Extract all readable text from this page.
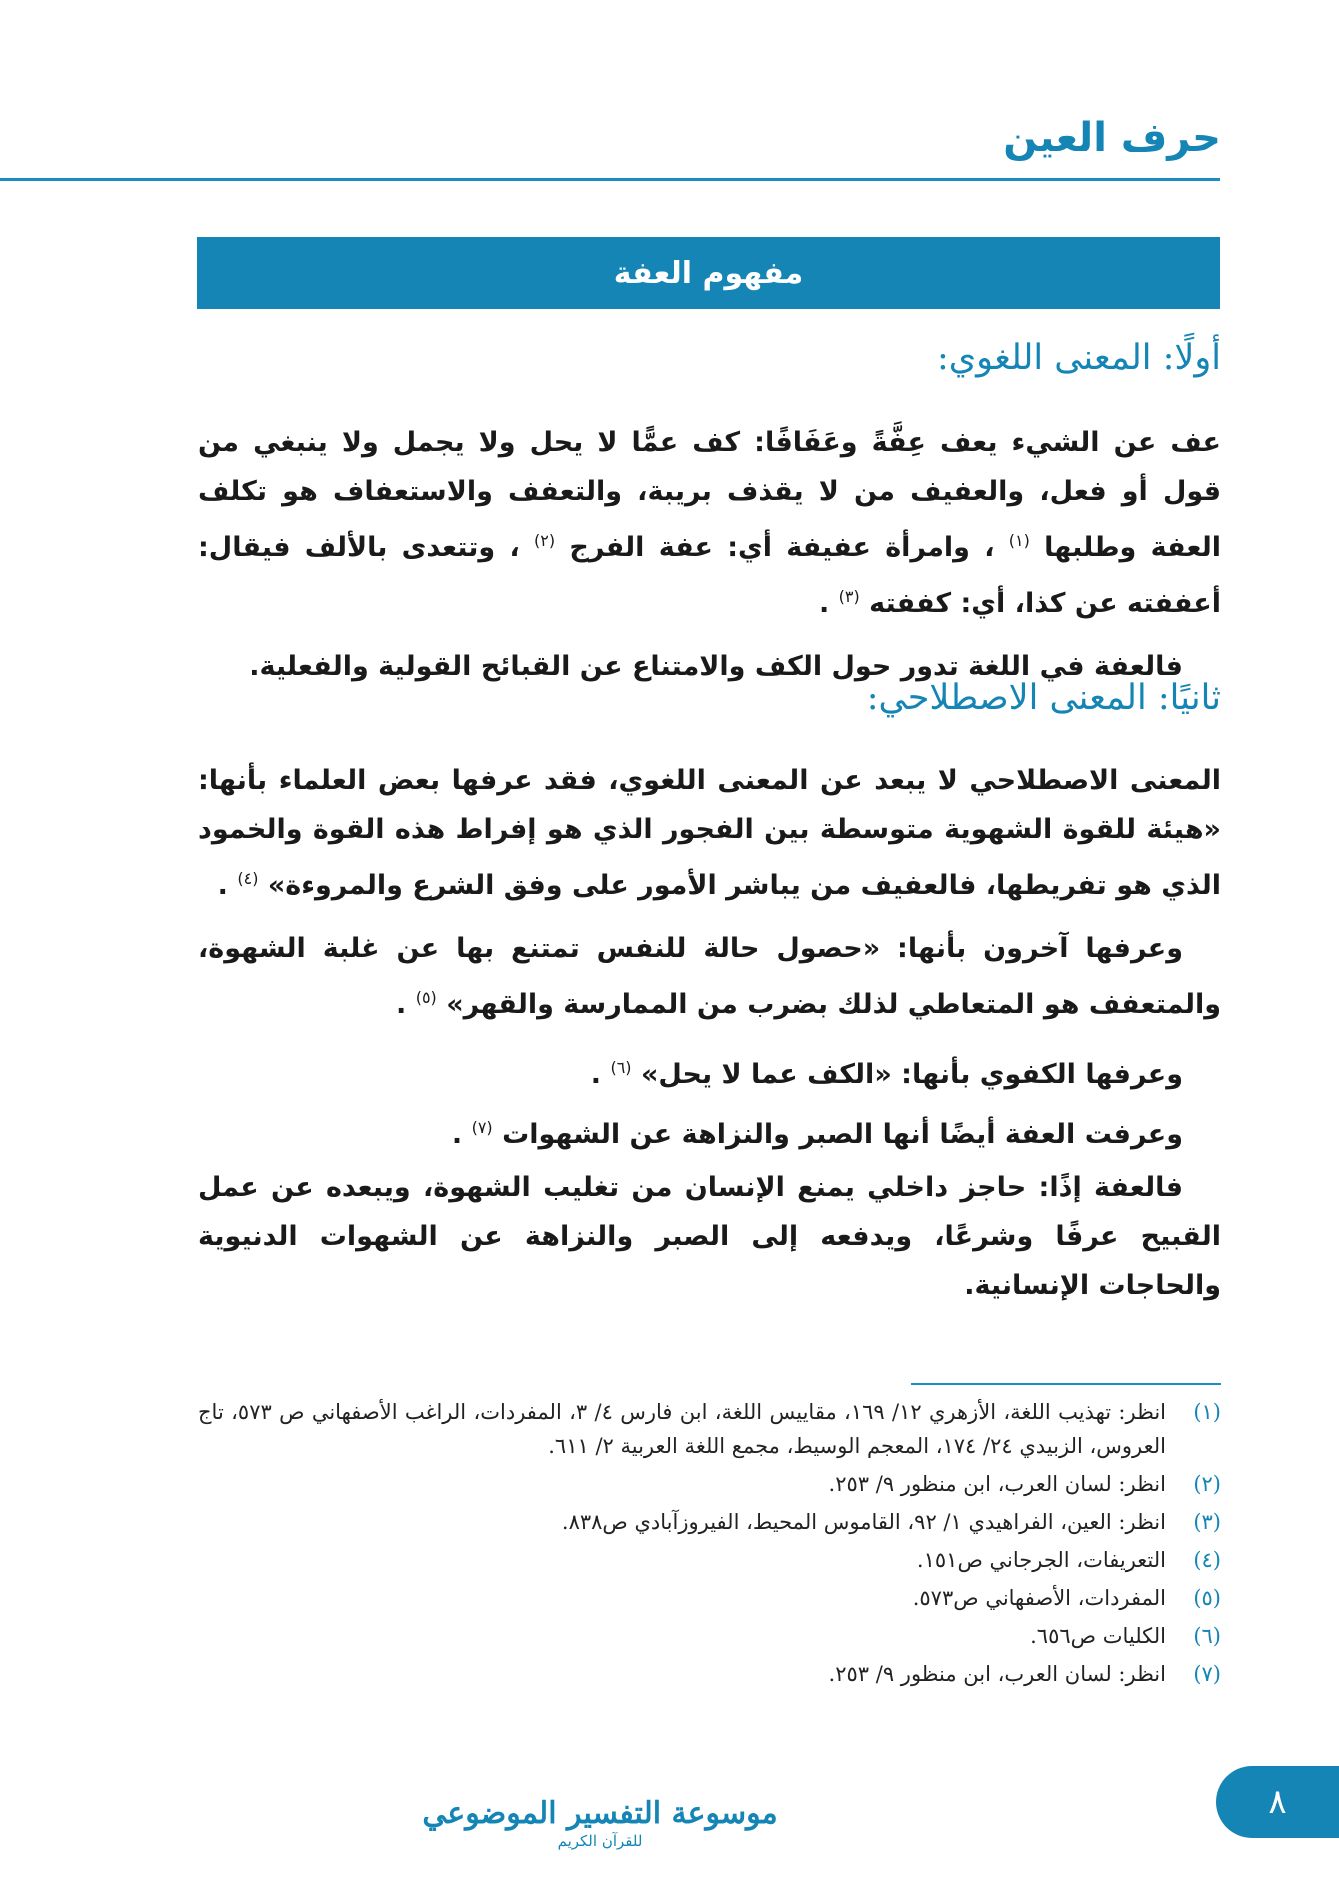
حرف العين
مفهوم العفة
أولًا: المعنى اللغوي:

عف عن الشيء يعف عِفَّةً وعَفَافًا: كف عمًّا لا يحل ولا يجمل ولا ينبغي من قول أو فعل، والعفيف من لا يقذف بريبة، والتعفف والاستعفاف هو تكلف العفة وطلبها $^{(١)}$ ، وامرأة عفيفة أي: عفة الفرج $^{(٢)}$ ، وتتعدى بالألف فيقال: أعففته عن كذا، أي: كففته $^{(٣)}$ .

فالعفة في اللغة تدور حول الكف والامتناع عن القبائح القولية والفعلية.

ثانيًا: المعنى الاصطلاحي:

المعنى الاصطلاحي لا يبعد عن المعنى اللغوي، فقد عرفها بعض العلماء بأنها: «هيئة للقوة الشهوية متوسطة بين الفجور الذي هو إفراط هذه القوة والخمود الذي هو تفريطها، فالعفيف من يباشر الأمور على وفق الشرع والمروءة» $^{(٤)}$ .

وعرفها آخرون بأنها: «حصول حالة للنفس تمتنع بها عن غلبة الشهوة، والمتعفف هو المتعاطي لذلك بضرب من الممارسة والقهر» $^{(٥)}$ .

وعرفها الكفوي بأنها: «الكف عما لا يحل» $^{(٦)}$ .

وعرفت العفة أيضًا أنها الصبر والنزاهة عن الشهوات $^{(٧)}$ .

فالعفة إذًا: حاجز داخلي يمنع الإنسان من تغليب الشهوة، ويبعده عن عمل القبيح عرفًا وشرعًا، ويدفعه إلى الصبر والنزاهة عن الشهوات الدنيوية والحاجات الإنسانية.

(١)
انظر: تهذيب اللغة، الأزهري ١٢/ ١٦٩، مقاييس اللغة، ابن فارس ٤/ ٣، المفردات، الراغب الأصفهاني ص ٥٧٣، تاج العروس، الزبيدي ٢٤/ ١٧٤، المعجم الوسيط، مجمع اللغة العربية ٢/ ٦١١.
(٢)
انظر: لسان العرب، ابن منظور ٩/ ٢٥٣.
(٣)
انظر: العين، الفراهيدي ١/ ٩٢، القاموس المحيط، الفيروزآبادي ص٨٣٨.
(٤)
التعريفات، الجرجاني ص١٥١.
(٥)
المفردات، الأصفهاني ص٥٧٣.
(٦)
الكليات ص٦٥٦.
(٧)
انظر: لسان العرب، ابن منظور ٩/ ٢٥٣.
موسوعة التفسير الموضوعي
للقرآن الكريم
٨
